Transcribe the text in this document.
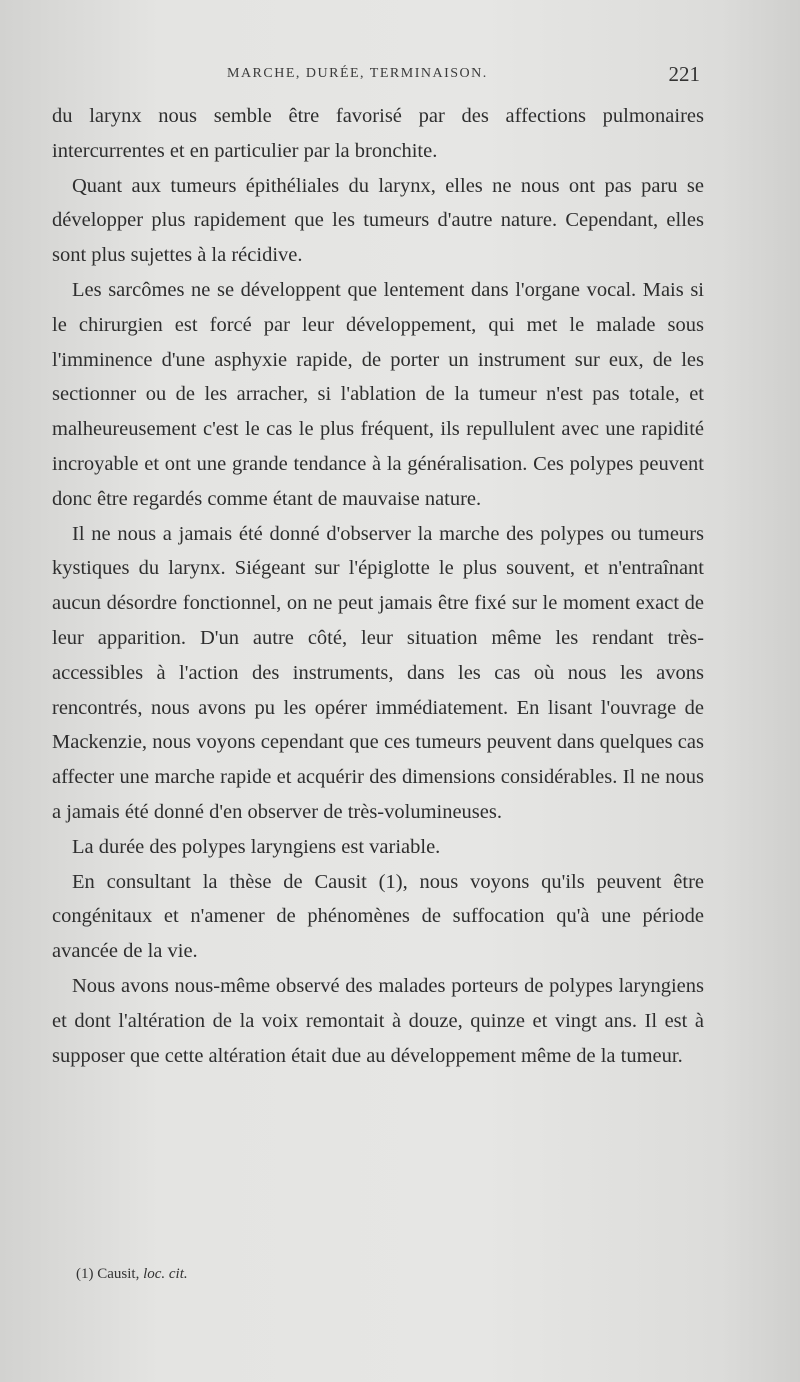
MARCHE, DURÉE, TERMINAISON.	221

du larynx nous semble être favorisé par des affections pulmonaires intercurrentes et en particulier par la bronchite.

Quant aux tumeurs épithéliales du larynx, elles ne nous ont pas paru se développer plus rapidement que les tumeurs d'autre nature. Cependant, elles sont plus sujettes à la récidive.

Les sarcômes ne se développent que lentement dans l'organe vocal. Mais si le chirurgien est forcé par leur développement, qui met le malade sous l'imminence d'une asphyxie rapide, de porter un instrument sur eux, de les sectionner ou de les arracher, si l'ablation de la tumeur n'est pas totale, et malheureusement c'est le cas le plus fréquent, ils repullulent avec une rapidité incroyable et ont une grande tendance à la généralisation. Ces polypes peuvent donc être regardés comme étant de mauvaise nature.

Il ne nous a jamais été donné d'observer la marche des polypes ou tumeurs kystiques du larynx. Siégeant sur l'épiglotte le plus souvent, et n'entraînant aucun désordre fonctionnel, on ne peut jamais être fixé sur le moment exact de leur apparition. D'un autre côté, leur situation même les rendant très-accessibles à l'action des instruments, dans les cas où nous les avons rencontrés, nous avons pu les opérer immédiatement. En lisant l'ouvrage de Mackenzie, nous voyons cependant que ces tumeurs peuvent dans quelques cas affecter une marche rapide et acquérir des dimensions considérables. Il ne nous a jamais été donné d'en observer de très-volumineuses.

La durée des polypes laryngiens est variable.

En consultant la thèse de Causit (1), nous voyons qu'ils peuvent être congénitaux et n'amener de phénomènes de suffocation qu'à une période avancée de la vie.

Nous avons nous-même observé des malades porteurs de polypes laryngiens et dont l'altération de la voix remontait à douze, quinze et vingt ans. Il est à supposer que cette altération était due au développement même de la tumeur.

(1) Causit, loc. cit.
